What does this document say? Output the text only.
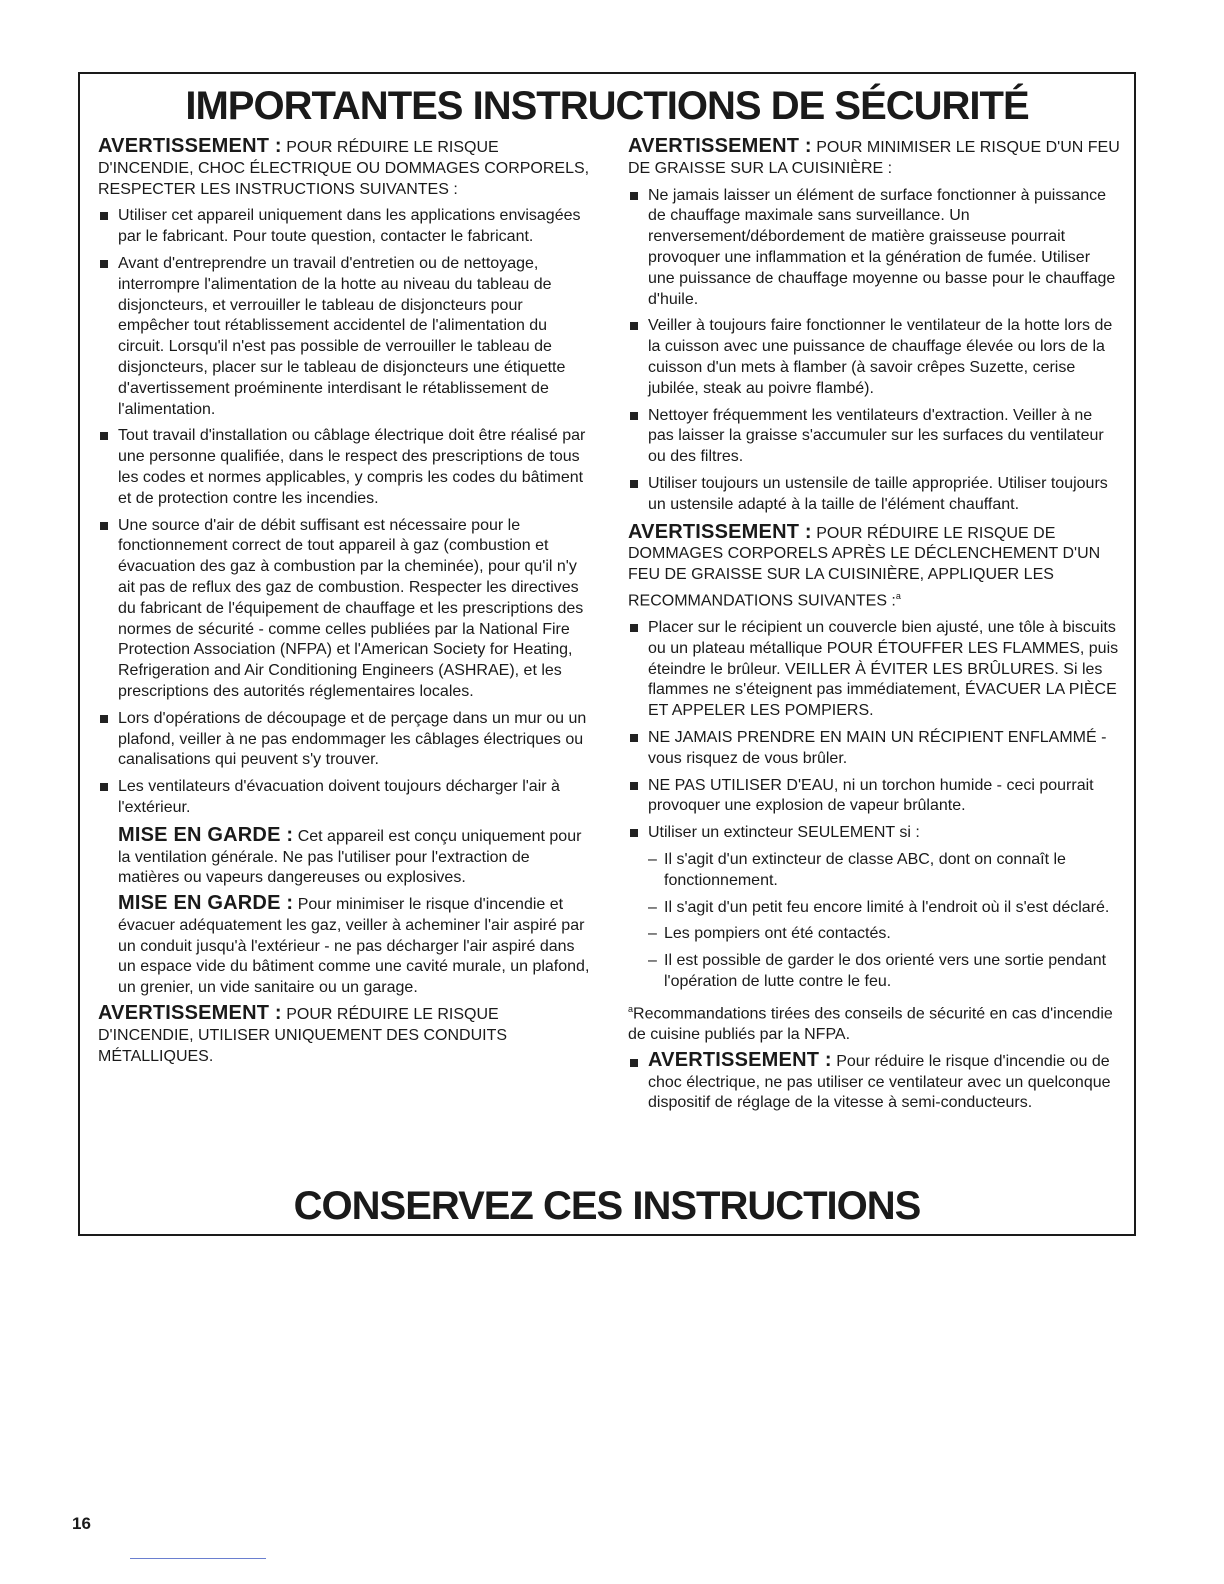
IMPORTANTES INSTRUCTIONS DE SÉCURITÉ
AVERTISSEMENT : POUR RÉDUIRE LE RISQUE D'INCENDIE, CHOC ÉLECTRIQUE OU DOMMAGES CORPORELS, RESPECTER LES INSTRUCTIONS SUIVANTES :
Utiliser cet appareil uniquement dans les applications envisagées par le fabricant. Pour toute question, contacter le fabricant.
Avant d'entreprendre un travail d'entretien ou de nettoyage, interrompre l'alimentation de la hotte au niveau du tableau de disjoncteurs, et verrouiller le tableau de disjoncteurs pour empêcher tout rétablissement accidentel de l'alimentation du circuit. Lorsqu'il n'est pas possible de verrouiller le tableau de disjoncteurs, placer sur le tableau de disjoncteurs une étiquette d'avertissement proéminente interdisant le rétablissement de l'alimentation.
Tout travail d'installation ou câblage électrique doit être réalisé par une personne qualifiée, dans le respect des prescriptions de tous les codes et normes applicables, y compris les codes du bâtiment et de protection contre les incendies.
Une source d'air de débit suffisant est nécessaire pour le fonctionnement correct de tout appareil à gaz (combustion et évacuation des gaz à combustion par la cheminée), pour qu'il n'y ait pas de reflux des gaz de combustion. Respecter les directives du fabricant de l'équipement de chauffage et les prescriptions des normes de sécurité - comme celles publiées par la National Fire Protection Association (NFPA) et l'American Society for Heating, Refrigeration and Air Conditioning Engineers (ASHRAE), et les prescriptions des autorités réglementaires locales.
Lors d'opérations de découpage et de perçage dans un mur ou un plafond, veiller à ne pas endommager les câblages électriques ou canalisations qui peuvent s'y trouver.
Les ventilateurs d'évacuation doivent toujours décharger l'air à l'extérieur.
MISE EN GARDE : Cet appareil est conçu uniquement pour la ventilation générale. Ne pas l'utiliser pour l'extraction de matières ou vapeurs dangereuses ou explosives.
MISE EN GARDE : Pour minimiser le risque d'incendie et évacuer adéquatement les gaz, veiller à acheminer l'air aspiré par un conduit jusqu'à l'extérieur - ne pas décharger l'air aspiré dans un espace vide du bâtiment comme une cavité murale, un plafond, un grenier, un vide sanitaire ou un garage.
AVERTISSEMENT : POUR RÉDUIRE LE RISQUE D'INCENDIE, UTILISER UNIQUEMENT DES CONDUITS MÉTALLIQUES.
AVERTISSEMENT : POUR MINIMISER LE RISQUE D'UN FEU DE GRAISSE SUR LA CUISINIÈRE :
Ne jamais laisser un élément de surface fonctionner à puissance de chauffage maximale sans surveillance. Un renversement/débordement de matière graisseuse pourrait provoquer une inflammation et la génération de fumée. Utiliser une puissance de chauffage moyenne ou basse pour le chauffage d'huile.
Veiller à toujours faire fonctionner le ventilateur de la hotte lors de la cuisson avec une puissance de chauffage élevée ou lors de la cuisson d'un mets à flamber (à savoir crêpes Suzette, cerise jubilée, steak au poivre flambé).
Nettoyer fréquemment les ventilateurs d'extraction. Veiller à ne pas laisser la graisse s'accumuler sur les surfaces du ventilateur ou des filtres.
Utiliser toujours un ustensile de taille appropriée. Utiliser toujours un ustensile adapté à la taille de l'élément chauffant.
AVERTISSEMENT : POUR RÉDUIRE LE RISQUE DE DOMMAGES CORPORELS APRÈS LE DÉCLENCHEMENT D'UN FEU DE GRAISSE SUR LA CUISINIÈRE, APPLIQUER LES RECOMMANDATIONS SUIVANTES :$^a$
Placer sur le récipient un couvercle bien ajusté, une tôle à biscuits ou un plateau métallique POUR ÉTOUFFER LES FLAMMES, puis éteindre le brûleur. VEILLER À ÉVITER LES BRÛLURES. Si les flammes ne s'éteignent pas immédiatement, ÉVACUER LA PIÈCE ET APPELER LES POMPIERS.
NE JAMAIS PRENDRE EN MAIN UN RÉCIPIENT ENFLAMMÉ - vous risquez de vous brûler.
NE PAS UTILISER D'EAU, ni un torchon humide - ceci pourrait provoquer une explosion de vapeur brûlante.
Utiliser un extincteur SEULEMENT si :
– Il s'agit d'un extincteur de classe ABC, dont on connaît le fonctionnement.
– Il s'agit d'un petit feu encore limité à l'endroit où il s'est déclaré.
– Les pompiers ont été contactés.
– Il est possible de garder le dos orienté vers une sortie pendant l'opération de lutte contre le feu.
$^a$Recommandations tirées des conseils de sécurité en cas d'incendie de cuisine publiés par la NFPA.
AVERTISSEMENT : Pour réduire le risque d'incendie ou de choc électrique, ne pas utiliser ce ventilateur avec un quelconque dispositif de réglage de la vitesse à semi-conducteurs.
CONSERVEZ CES INSTRUCTIONS
16
